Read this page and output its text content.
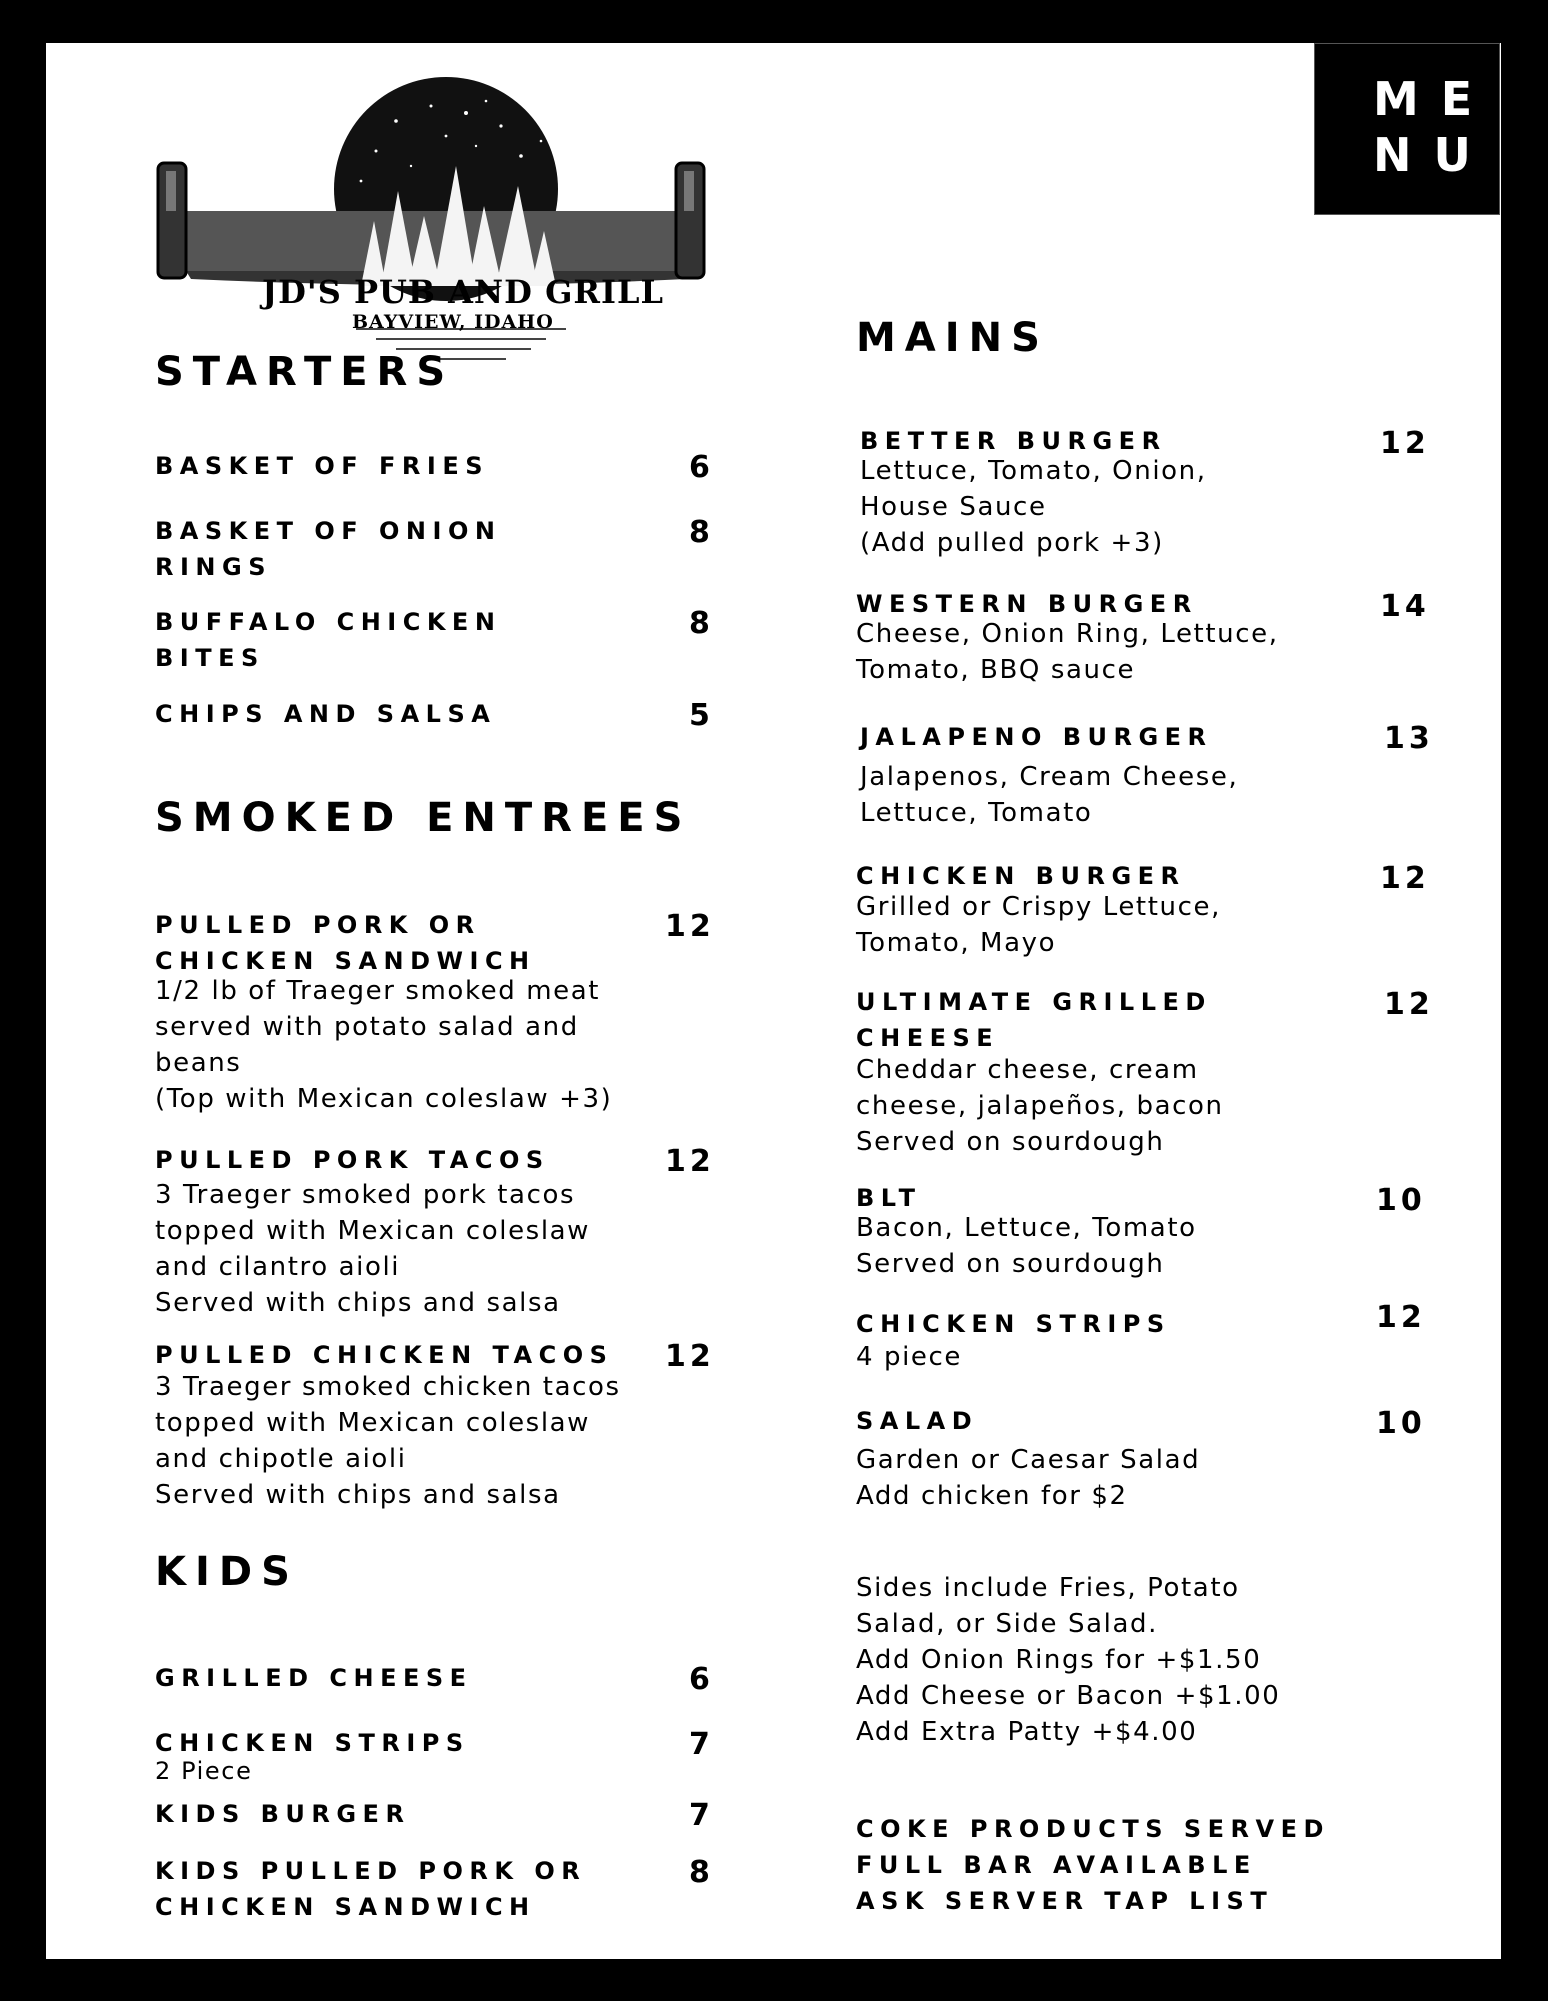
ME
NU
JD'S PUB AND GRILL
BAYVIEW, IDAHO
STARTERS
BASKET OF FRIES	6
BASKET OF ONION
RINGS
8
BUFFALO CHICKEN
BITES
8
CHIPS AND SALSA	5
SMOKED ENTREES
PULLED PORK OR
CHICKEN SANDWICH
12
1/2 lb of Traeger smoked meat
served with potato salad and
beans
(Top with Mexican coleslaw +3)
PULLED PORK TACOS	12
3 Traeger smoked pork tacos
topped with Mexican coleslaw
and cilantro aioli
Served with chips and salsa
PULLED CHICKEN TACOS 12
3 Traeger smoked chicken tacos
topped with Mexican coleslaw
and chipotle aioli
Served with chips and salsa
KIDS
GRILLED CHEESE	6
CHICKEN STRIPS	7
2 Piece
KIDS BURGER	7
KIDS PULLED PORK OR
CHICKEN SANDWICH
8
MAINS
BETTER BURGER	12
Lettuce, Tomato, Onion,
House Sauce
(Add pulled pork +3)
WESTERN BURGER	14
Cheese, Onion Ring, Lettuce,
Tomato, BBQ sauce
JALAPENO BURGER	13
Jalapenos, Cream Cheese,
Lettuce, Tomato
CHICKEN BURGER	12
Grilled or Crispy Lettuce,
Tomato, Mayo
ULTIMATE GRILLED
CHEESE
12
Cheddar cheese, cream
cheese, jalapeños, bacon
Served on sourdough
BLT	10
Bacon, Lettuce, Tomato
Served on sourdough
CHICKEN STRIPS	12
4 piece
SALAD	10
Garden or Caesar Salad
Add chicken for $2
Sides include Fries, Potato
Salad, or Side Salad.
Add Onion Rings for +$1.50
Add Cheese or Bacon +$1.00
Add Extra Patty +$4.00
COKE PRODUCTS SERVED
FULL BAR AVAILABLE
ASK SERVER TAP LIST
